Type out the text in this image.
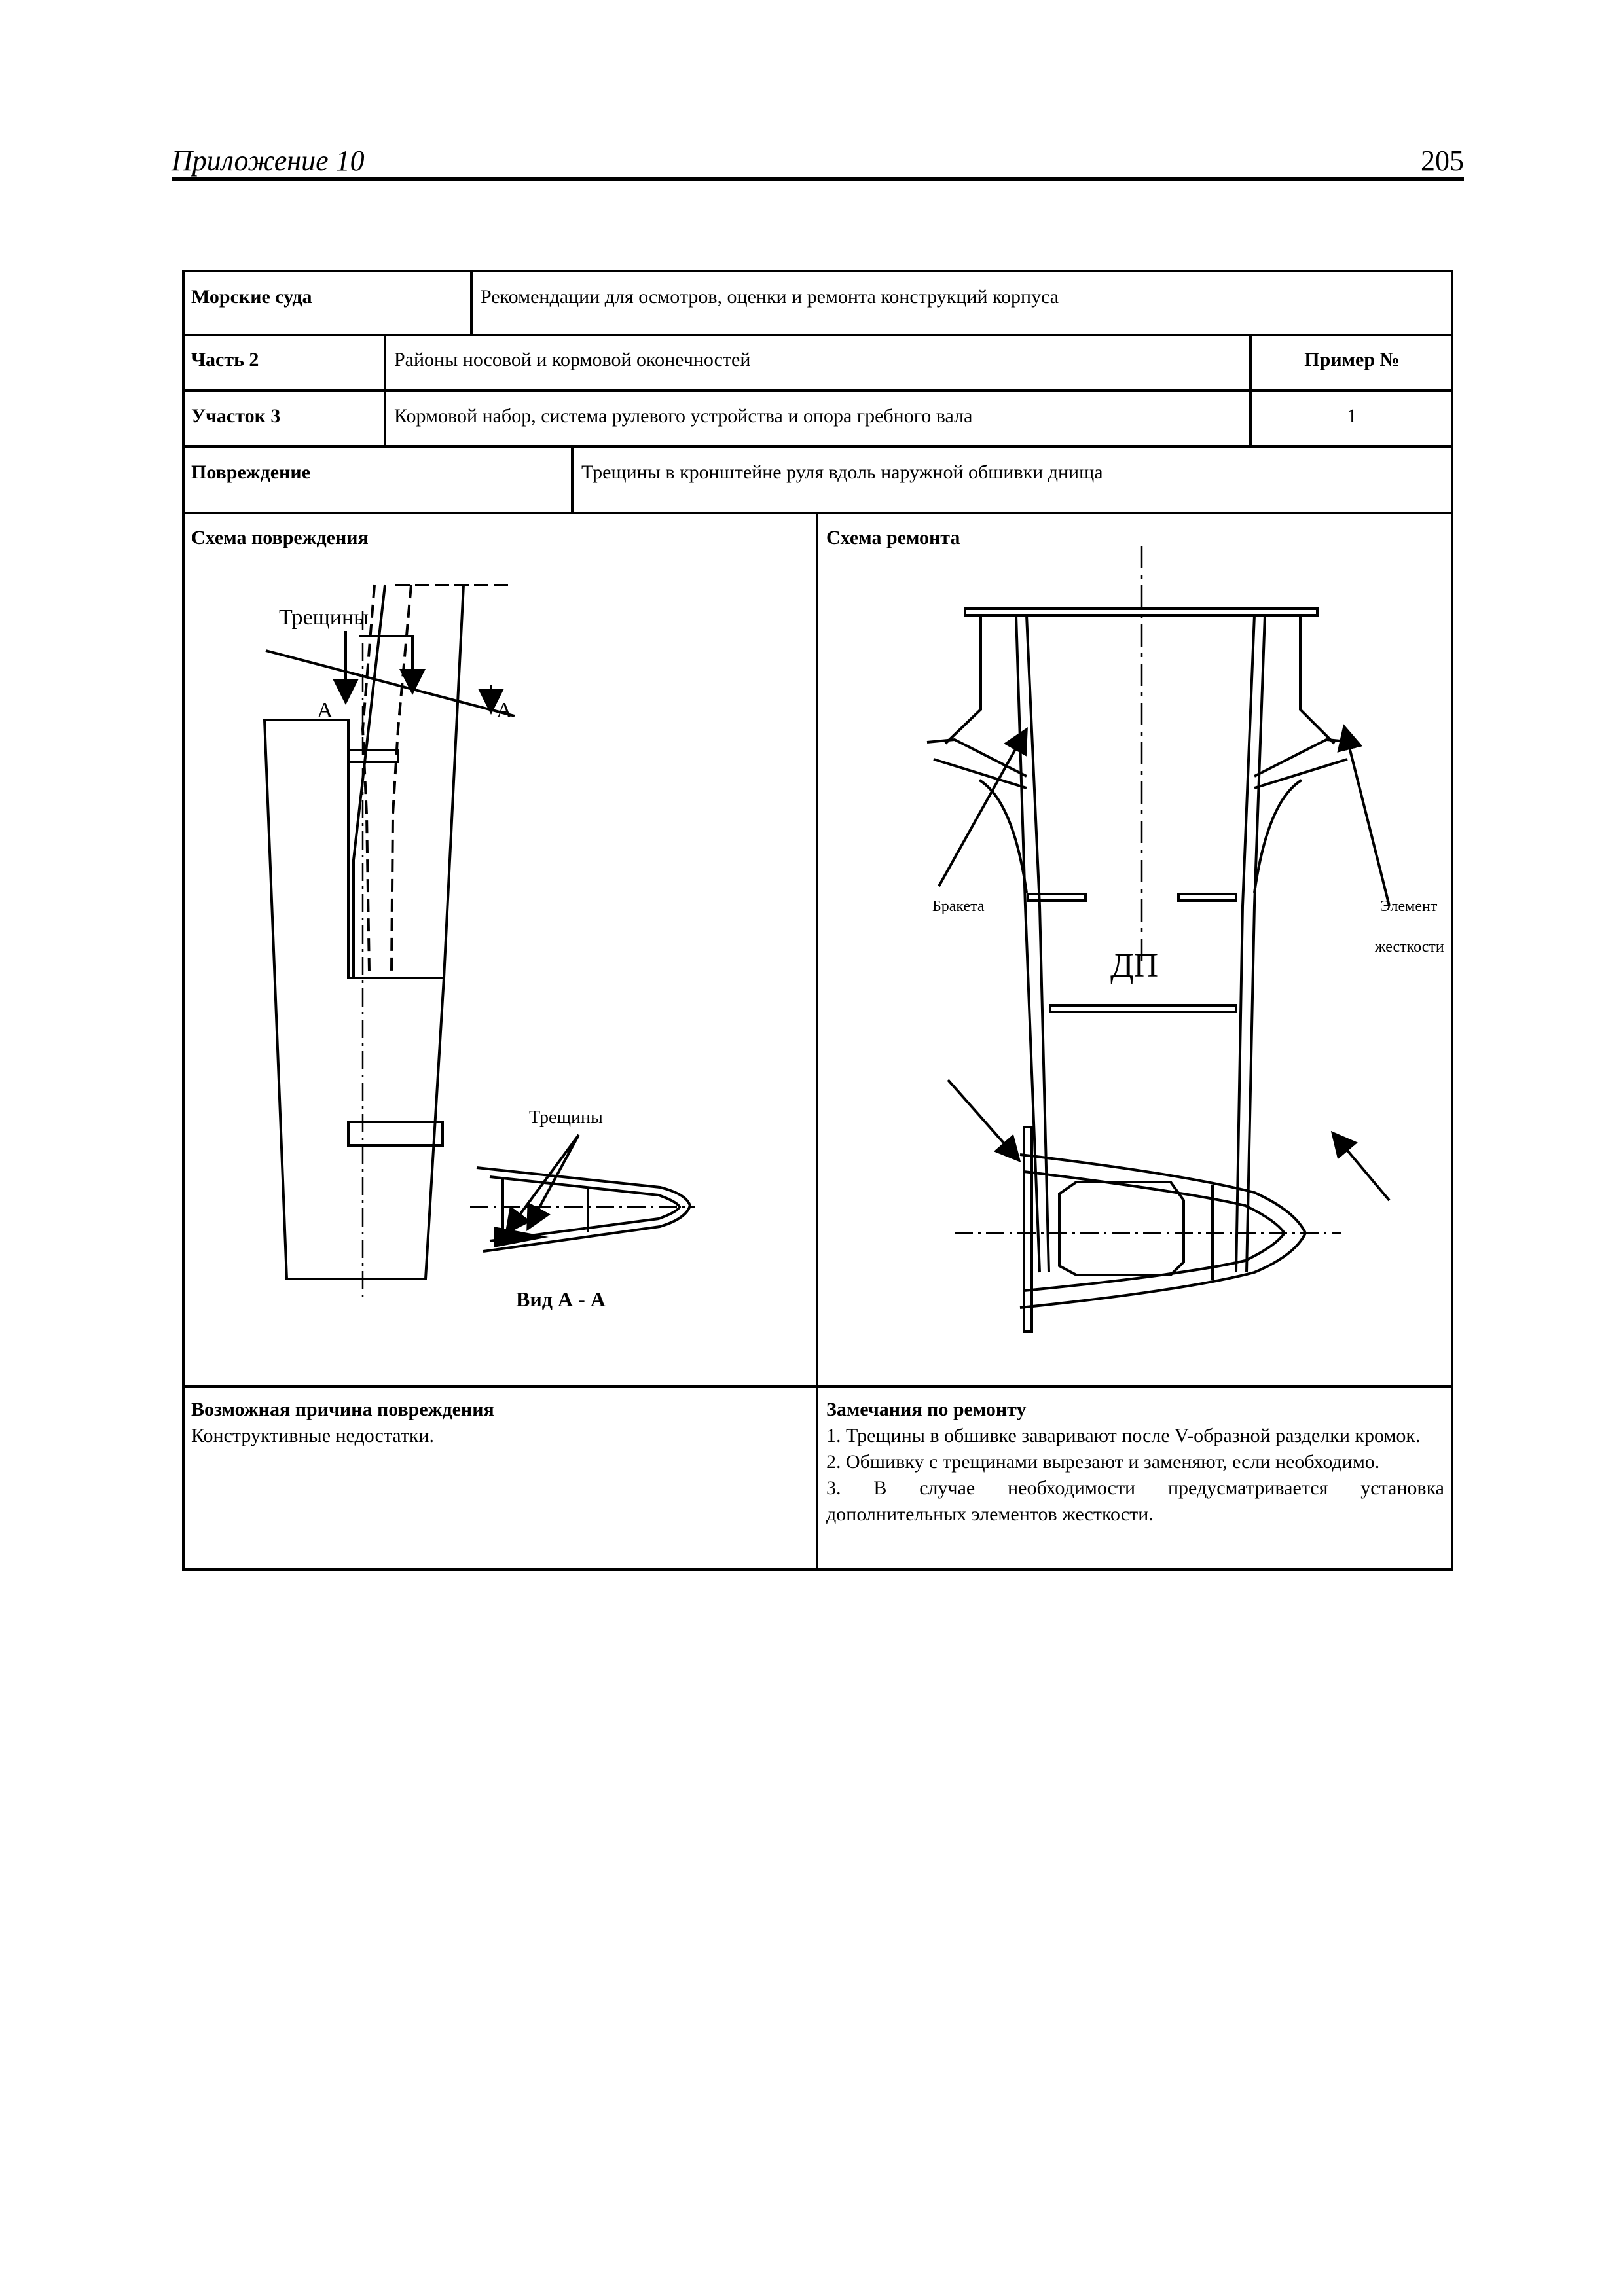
Приложение 10	205
Морские суда	Рекомендации для осмотров, оценки и ремонта конструкций корпуса
Часть 2	Районы носовой и кормовой оконечностей	Пример №
Участок 3	Кормовой набор, система рулевого устройства и опора гребного вала	1
Повреждение	Трещины в кронштейне руля вдоль наружной обшивки днища
Схема повреждения	Схема ремонта
Трещины
А	А
Трещины
Вид А - А
Бракета	Элемент
жесткости
ДП
Возможная причина повреждения
Конструктивные недостатки.
Замечания по ремонту
1. Трещины в обшивке заваривают после V-образной разделки кромок.
2. Обшивку с трещинами вырезают и заменяют, если необходимо.
3. В случае необходимости предусматривается установка дополнительных элементов жесткости.
